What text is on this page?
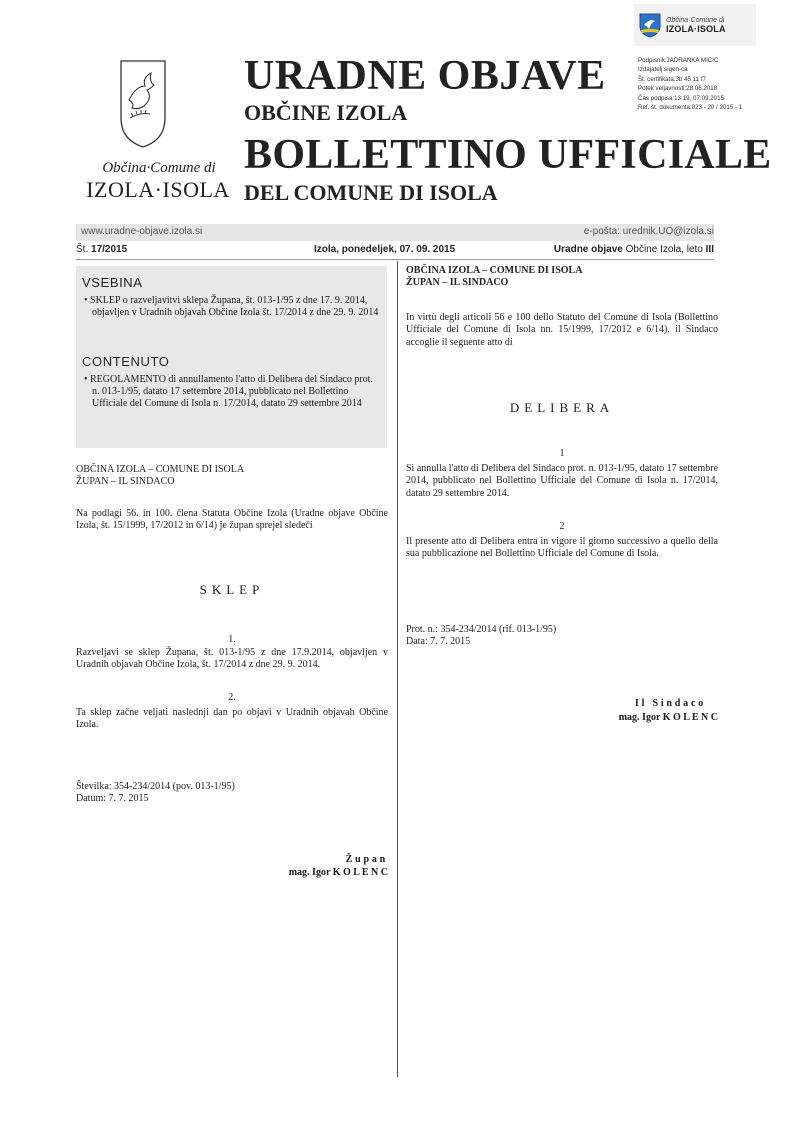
Občina·Comune di
IZOLA·ISOLA
Podpisnik:JADRANKA MICIC
Izdajatelj:sigen-ca
Št. certifikata:3b 45 11 f7
Potek veljavnosti:28.06.2018
Čas podpisa:13:19, 07.09.2015
Ref. št. dokumenta:023 - 20 / 2015 - 1
Občina·Comune di
IZOLA·ISOLA
URADNE OBJAVE
OBČINE IZOLA
BOLLETTINO UFFICIALE
DEL COMUNE DI ISOLA
www.uradne-objave.izola.si	e-pošta: urednik.UO@izola.si
Št. 17/2015	Izola, ponedeljek, 07. 09. 2015	Uradne objave Občine Izola, leto III
VSEBINA
• SKLEP o razveljavitvi sklepa Župana, št. 013-1/95 z dne 17. 9. 2014, objavljen v Uradnih objavah Občine Izola št. 17/2014 z dne 29. 9. 2014
CONTENUTO
• REGOLAMENTO di annullamento l'atto di Delibera del Sindaco prot. n. 013-1/95, datato 17 settembre 2014, pubblicato nel Bollettino Ufficiale del Comune di Isola n. 17/2014, datato 29 settembre 2014
OBČINA IZOLA – COMUNE DI ISOLA
ŽUPAN – IL SINDACO
Na podlagi 56. in 100. člena Statuta Občine Izola (Uradne objave Občine Izola, št. 15/1999, 17/2012 in 6/14) je župan sprejel sledeči
SKLEP
1.
Razveljavi se sklep Župana, št. 013-1/95 z dne 17.9.2014, objavljen v Uradnih objavah Občine Izola, št. 17/2014 z dne 29. 9. 2014.
2.
Ta sklep začne veljati naslednji dan po objavi v Uradnih objavah Občine Izola.
Številka: 354-234/2014 (pov. 013-1/95)
Datum: 7. 7. 2015
Župan
mag. Igor K O L E N C
OBČINA IZOLA – COMUNE DI ISOLA
ŽUPAN – IL SINDACO
In virtù degli articoli 56 e 100 dello Statuto del Comune di Isola (Bollettino Ufficiale del Comune di Isola nn. 15/1999, 17/2012 e 6/14), il Sindaco accoglie il seguente atto di
DELIBERA
1
Si annulla l'atto di Delibera del Sindaco prot. n. 013-1/95, datato 17 settembre 2014, pubblicato nel Bollettino Ufficiale del Comune di Isola n. 17/2014, datato 29 settembre 2014.
2
Il presente atto di Delibera entra in vigore il giorno successivo a quello della sua pubblicazione nel Bollettino Ufficiale del Comune di Isola.
Prot. n.: 354-234/2014 (rif. 013-1/95)
Data: 7. 7. 2015
Il Sindaco
mag. Igor K O L E N C
